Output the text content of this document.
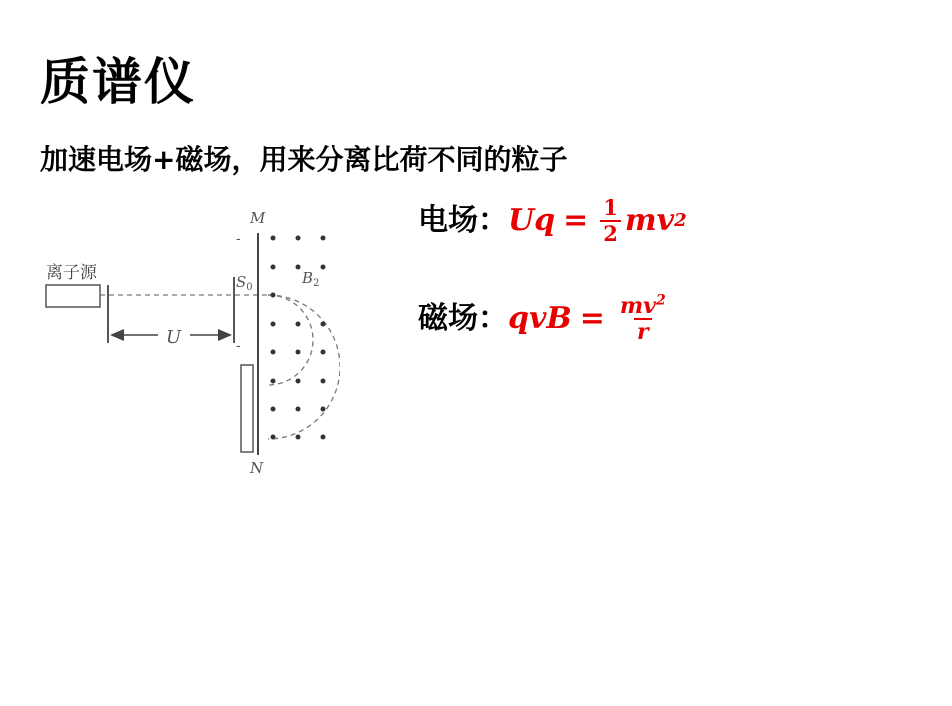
质谱仪
加速电场+磁场，用来分离比荷不同的粒子
离子源
U
M
N
-
-
$S_0$
$B_2$
电场： $Uq = \frac{1}{2}$ mv 2
磁场： qvB = $\frac{mv^2}{r}$
